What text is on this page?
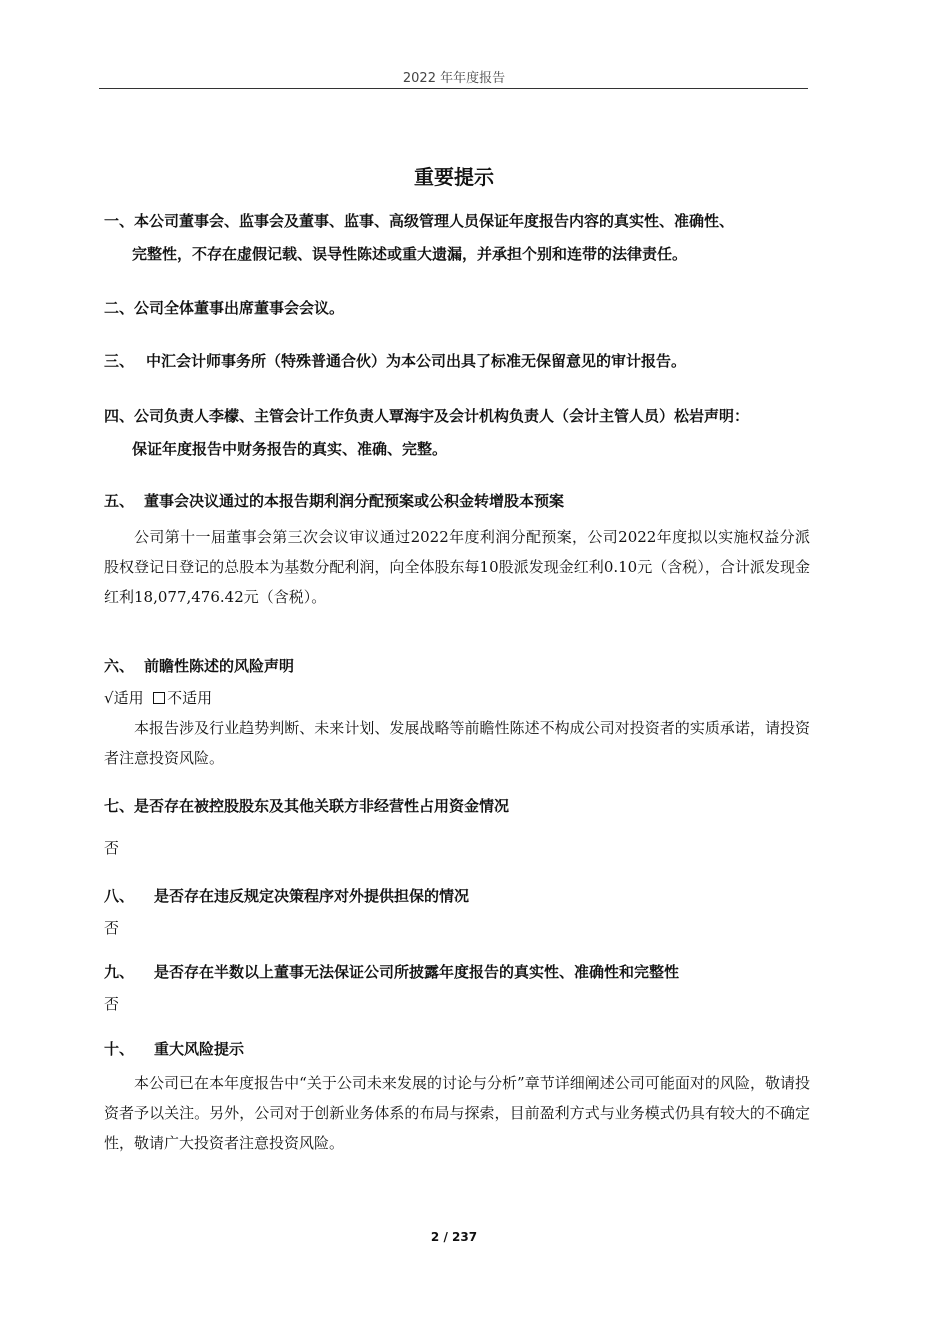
2022 年年度报告
重要提示
一、本公司董事会、监事会及董事、监事、高级管理人员保证年度报告内容的真实性、准确性、
完整性，不存在虚假记载、误导性陈述或重大遗漏，并承担个别和连带的法律责任。
二、公司全体董事出席董事会会议。
三、 中汇会计师事务所（特殊普通合伙）为本公司出具了标准无保留意见的审计报告。
四、公司负责人李檬、主管会计工作负责人覃海宇及会计机构负责人（会计主管人员）松岩声明：
保证年度报告中财务报告的真实、准确、完整。
五、 董事会决议通过的本报告期利润分配预案或公积金转增股本预案
公司第十一届董事会第三次会议审议通过2022年度利润分配预案，公司2022年度拟以实施权益分派股权登记日登记的总股本为基数分配利润，向全体股东每10股派发现金红利0.10元（含税），合计派发现金红利18,077,476.42元（含税）。
六、 前瞻性陈述的风险声明
√适用 不适用
本报告涉及行业趋势判断、未来计划、发展战略等前瞻性陈述不构成公司对投资者的实质承诺，请投资者注意投资风险。
七、是否存在被控股股东及其他关联方非经营性占用资金情况
否
八、 是否存在违反规定决策程序对外提供担保的情况
否
九、 是否存在半数以上董事无法保证公司所披露年度报告的真实性、准确性和完整性
否
十、 重大风险提示
本公司已在本年度报告中“关于公司未来发展的讨论与分析”章节详细阐述公司可能面对的风险，敬请投资者予以关注。另外，公司对于创新业务体系的布局与探索，目前盈利方式与业务模式仍具有较大的不确定性，敬请广大投资者注意投资风险。
2 / 237
